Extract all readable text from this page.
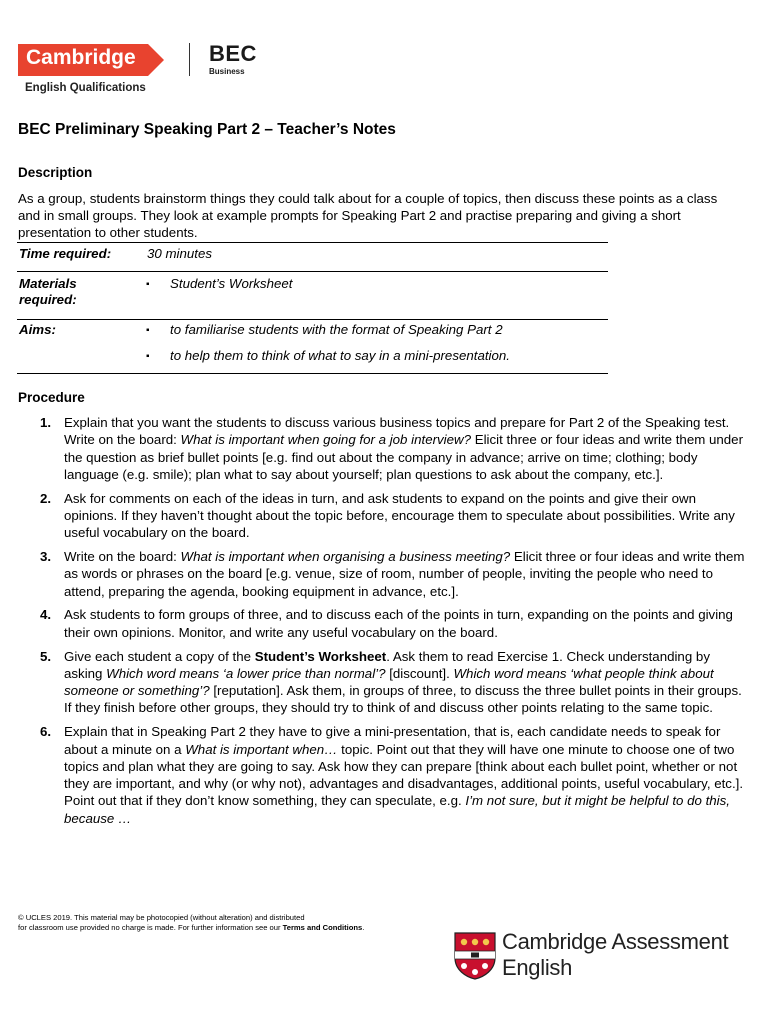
Cambridge
English Qualifications
BEC
Business
BEC Preliminary Speaking Part 2 – Teacher’s Notes
Description
As a group, students brainstorm things they could talk about for a couple of topics, then discuss these points as a class and in small groups. They look at example prompts for Speaking Part 2 and practise preparing and giving a short presentation to other students.
Time required:	30 minutes
Materials
required:
▪ Student’s Worksheet
Aims:	▪ to familiarise students with the format of Speaking Part 2
▪ to help them to think of what to say in a mini-presentation.
Procedure
1. Explain that you want the students to discuss various business topics and prepare for Part 2 of the Speaking test. Write on the board: What is important when going for a job interview? Elicit three or four ideas and write them under the question as brief bullet points [e.g. find out about the company in advance; arrive on time; clothing; body language (e.g. smile); plan what to say about yourself; plan questions to ask about the company, etc.].
2. Ask for comments on each of the ideas in turn, and ask students to expand on the points and give their own opinions. If they haven’t thought about the topic before, encourage them to speculate about possibilities. Write any useful vocabulary on the board.
3. Write on the board: What is important when organising a business meeting? Elicit three or four ideas and write them as words or phrases on the board [e.g. venue, size of room, number of people, inviting the people who need to attend, preparing the agenda, booking equipment in advance, etc.].
4. Ask students to form groups of three, and to discuss each of the points in turn, expanding on the points and giving their own opinions. Monitor, and write any useful vocabulary on the board.
5. Give each student a copy of the Student’s Worksheet. Ask them to read Exercise 1. Check understanding by asking Which word means ‘a lower price than normal’? [discount]. Which word means ‘what people think about someone or something’? [reputation]. Ask them, in groups of three, to discuss the three bullet points in their groups. If they finish before other groups, they should try to think of and discuss other points relating to the same topic.
6. Explain that in Speaking Part 2 they have to give a mini-presentation, that is, each candidate needs to speak for about a minute on a What is important when… topic. Point out that they will have one minute to choose one of two topics and plan what they are going to say. Ask how they can prepare [think about each bullet point, whether or not they are important, and why (or why not), advantages and disadvantages, additional points, useful vocabulary, etc.]. Point out that if they don’t know something, they can speculate, e.g. I’m not sure, but it might be helpful to do this, because …
© UCLES 2019. This material may be photocopied (without alteration) and distributed
for classroom use provided no charge is made. For further information see our Terms and Conditions.
Cambridge Assessment
English
